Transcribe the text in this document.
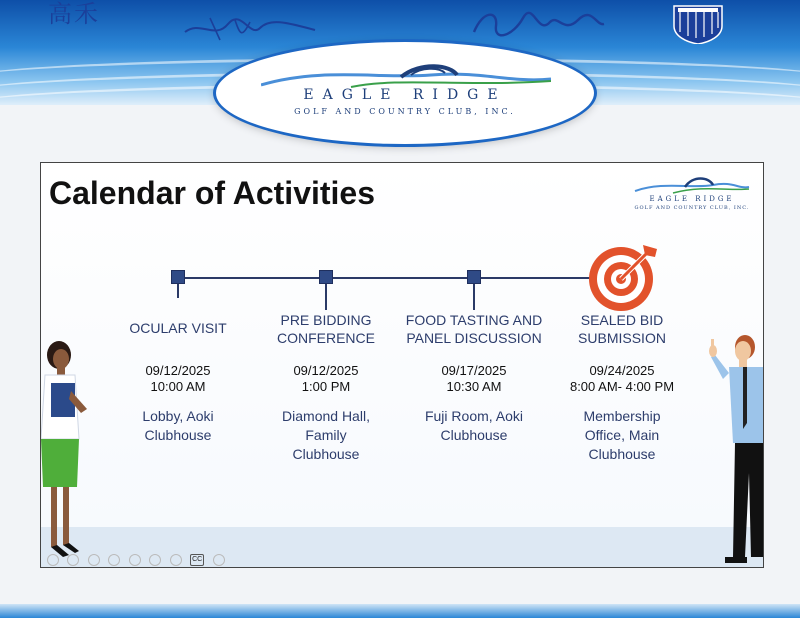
高禾
EAGLE RIDGE
GOLF AND COUNTRY CLUB, INC.
Calendar of Activities	EAGLE RIDGE
GOLF AND COUNTRY CLUB, INC.
OCULAR VISIT
09/12/2025
10:00 AM
Lobby, Aoki Clubhouse
PRE BIDDING CONFERENCE
09/12/2025
1:00 PM
Diamond Hall, Family Clubhouse
FOOD TASTING AND PANEL DISCUSSION
09/17/2025
10:30 AM
Fuji Room, Aoki Clubhouse
SEALED BID SUBMISSION
09/24/2025
8:00 AM- 4:00 PM
Membership Office, Main Clubhouse
CC
